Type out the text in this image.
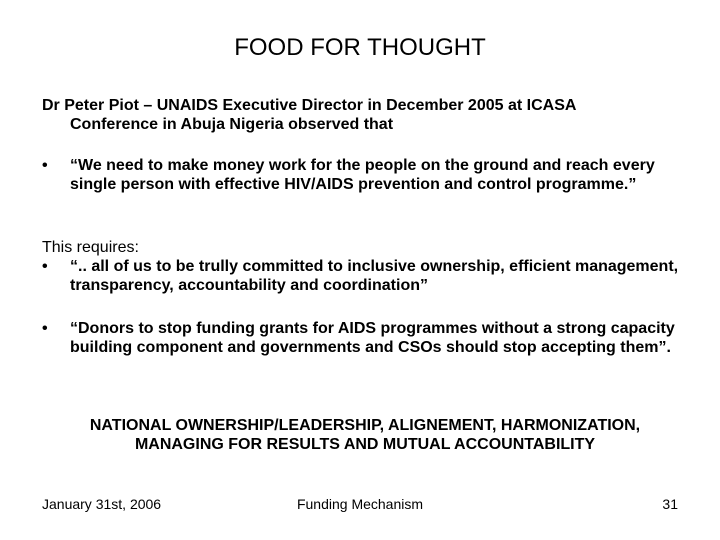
FOOD FOR THOUGHT
Dr Peter Piot – UNAIDS Executive Director in December 2005 at ICASA
Conference in Abuja Nigeria observed that
•	“We need to make money work for the people on the ground and reach every single person with effective HIV/AIDS prevention and control programme.”
This requires:
•	“.. all of us to be trully committed to inclusive ownership, efficient management, transparency, accountability and coordination”
•	“Donors to stop funding grants for AIDS programmes without a strong capacity building component and governments and CSOs should stop accepting them”.
NATIONAL OWNERSHIP/LEADERSHIP, ALIGNEMENT, HARMONIZATION,
MANAGING FOR RESULTS AND MUTUAL ACCOUNTABILITY
January 31st, 2006	Funding Mechanism	31
